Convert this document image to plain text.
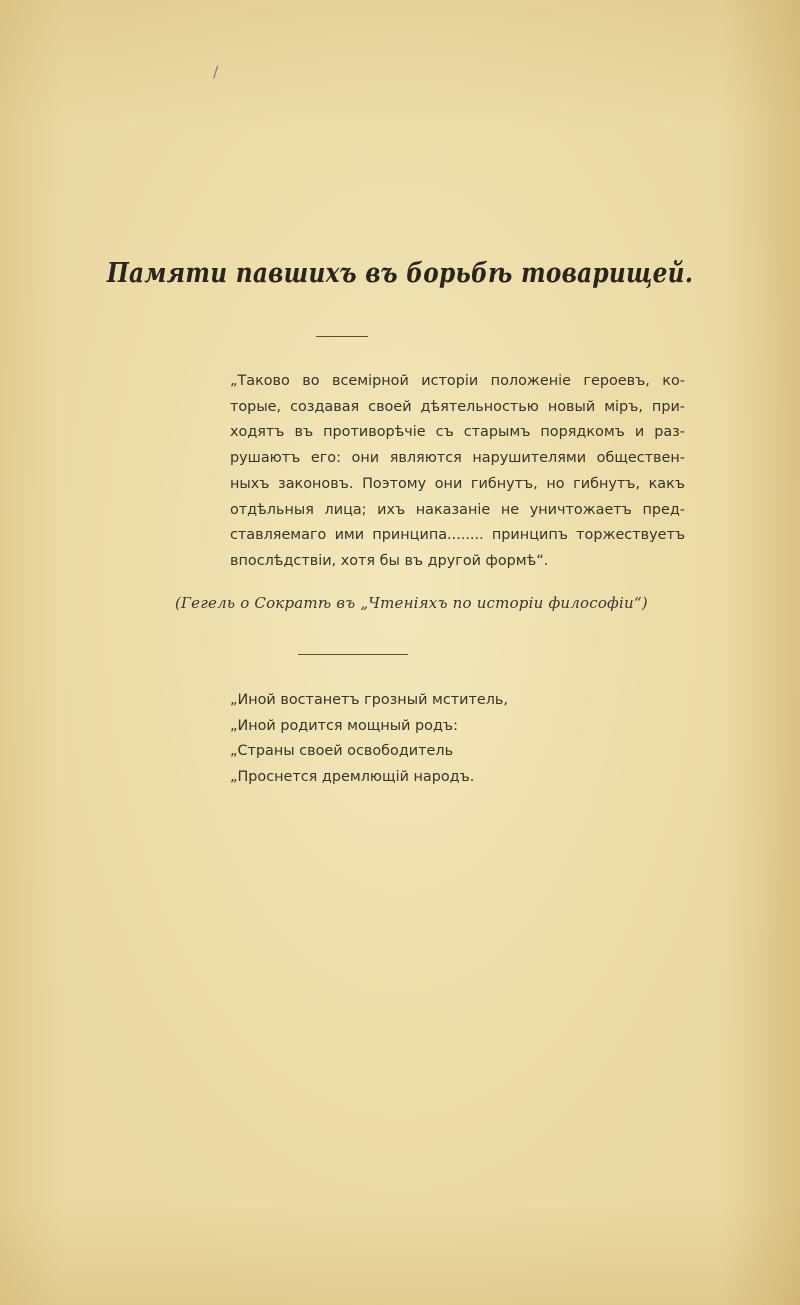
/
Памяти павшихъ въ борьбѣ товарищей.
„Таково во всемірной исторіи положеніе героевъ, ко-
торые, создавая своей дѣятельностью новый міръ, при-
ходятъ въ противорѣчіе съ старымъ порядкомъ и раз-
рушаютъ его: они являются нарушителями обществен-
ныхъ законовъ. Поэтому они гибнутъ, но гибнутъ, какъ
отдѣльныя лица; ихъ наказаніе не уничтожаетъ пред-
ставляемаго ими принципа........ принципъ торжествуетъ
впослѣдствіи, хотя бы въ другой формѣ“.
(Гегель о Сократѣ въ „Чтеніяхъ по исторіи философіи“)
„Иной востанетъ грозный мститель,
„Иной родится мощный родъ:
„Страны своей освободитель
„Проснется дремлющій народъ.
